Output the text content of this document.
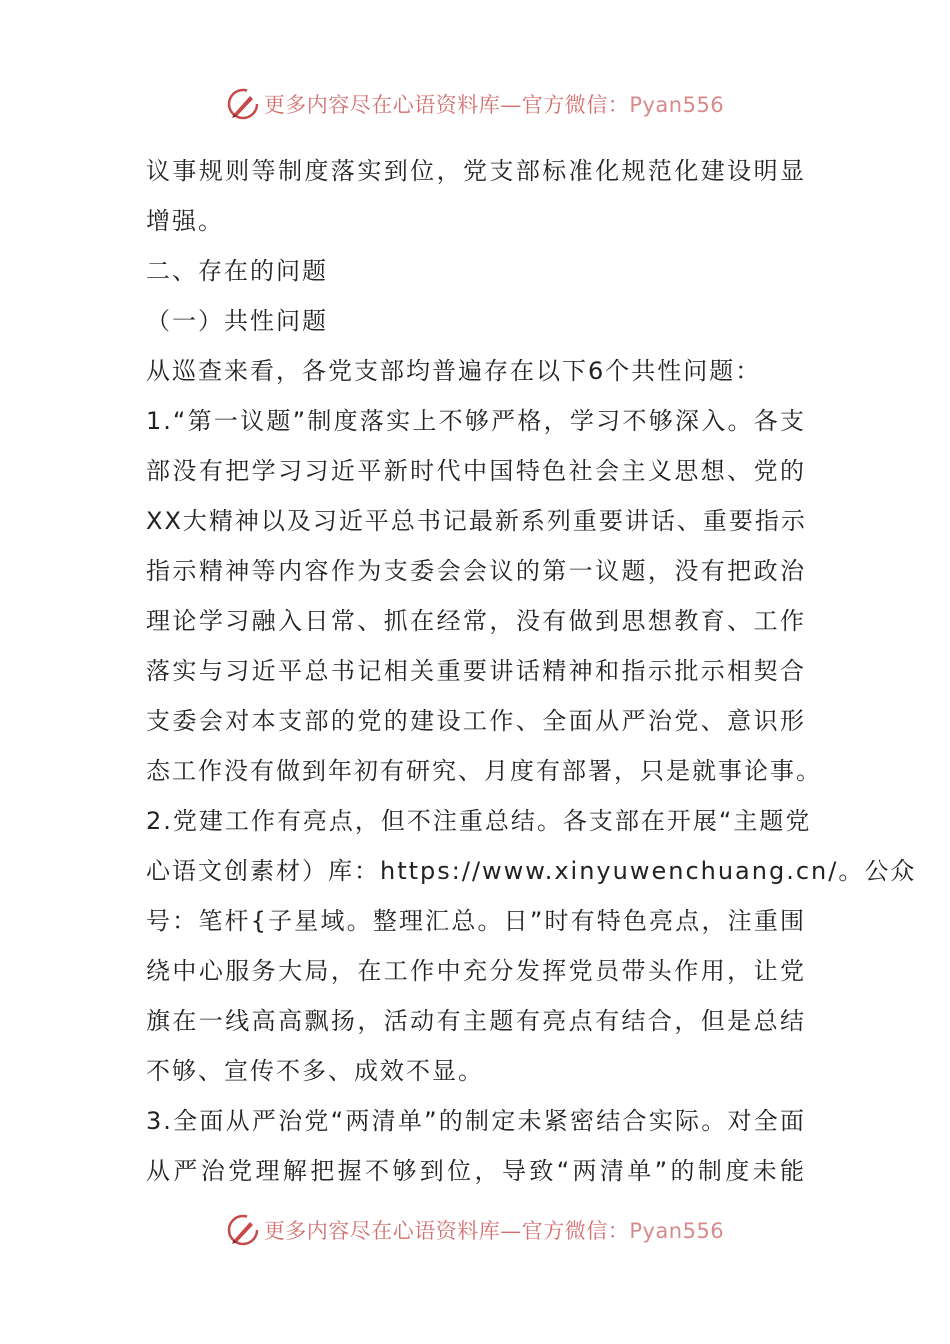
更多内容尽在心语资料库—官方微信：Pyan556
议事规则等制度落实到位，党支部标准化规范化建设明显
增强。
二、存在的问题
（一）共性问题
从巡查来看，各党支部均普遍存在以下6个共性问题：
1.“第一议题”制度落实上不够严格，学习不够深入。各支
部没有把学习习近平新时代中国特色社会主义思想、党的
XX大精神以及习近平总书记最新系列重要讲话、重要指示
指示精神等内容作为支委会会议的第一议题，没有把政治
理论学习融入日常、抓在经常，没有做到思想教育、工作
落实与习近平总书记相关重要讲话精神和指示批示相契合
支委会对本支部的党的建设工作、全面从严治党、意识形
态工作没有做到年初有研究、月度有部署，只是就事论事。
2.党建工作有亮点，但不注重总结。各支部在开展“主题党
心语文创素材）库：https://www.xinyuwenchuang.cn/。公众
号：笔杆{子星域。整理汇总。日”时有特色亮点，注重围
绕中心服务大局，在工作中充分发挥党员带头作用，让党
旗在一线高高飘扬，活动有主题有亮点有结合，但是总结
不够、宣传不多、成效不显。
3.全面从严治党“两清单”的制定未紧密结合实际。对全面
从严治党理解把握不够到位，导致“两清单”的制度未能
更多内容尽在心语资料库—官方微信：Pyan556
